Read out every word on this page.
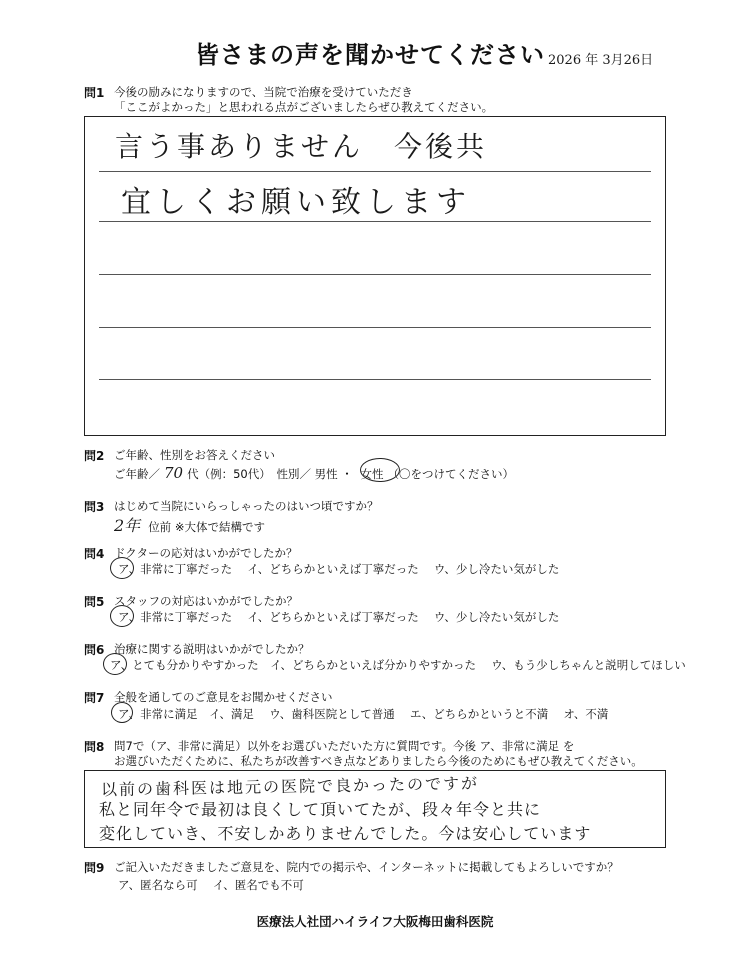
皆さまの声を聞かせてください 2026 年 3月26日
問1 今後の励みになりますので、当院で治療を受けていただき
「ここがよかった」と思われる点がございましたらぜひ教えてください。
言う事ありません　今後共
宜しくお願い致します
問2 ご年齢、性別をお答えください
ご年齢／ 70 代（例：50代）　性別／ 男性 ・ 女性 （〇をつけてください）
問3 はじめて当院にいらっしゃったのはいつ頃ですか？
2年 位前 ※大体で結構です
問4 ドクターの応対はいかがでしたか？
ア、非常に丁寧だった　 イ、どちらかといえば丁寧だった　 ウ、少し冷たい気がした
問5 スタッフの対応はいかがでしたか？
ア、非常に丁寧だった　 イ、どちらかといえば丁寧だった　 ウ、少し冷たい気がした
問6 治療に関する説明はいかがでしたか？
ア、とても分かりやすかった　イ、どちらかといえば分かりやすかった　 ウ、もう少しちゃんと説明してほしい
問7 全般を通してのご意見をお聞かせください
ア、非常に満足　イ、満足　 ウ、歯科医院として普通　 エ、どちらかというと不満　 オ、不満
問8 問7で（ア、非常に満足）以外をお選びいただいた方に質問です。今後 ア、非常に満足 を
お選びいただくために、私たちが改善すべき点などありましたら今後のためにもぜひ教えてください。
以前の歯科医は地元の医院で良かったのですが
私と同年令で最初は良くして頂いてたが、段々年令と共に
変化していき、不安しかありませんでした。今は安心しています
問9 ご記入いただきましたご意見を、院内での掲示や、インターネットに掲載してもよろしいですか？
ア、匿名なら可　 イ、匿名でも不可
医療法人社団ハイライフ大阪梅田歯科医院
